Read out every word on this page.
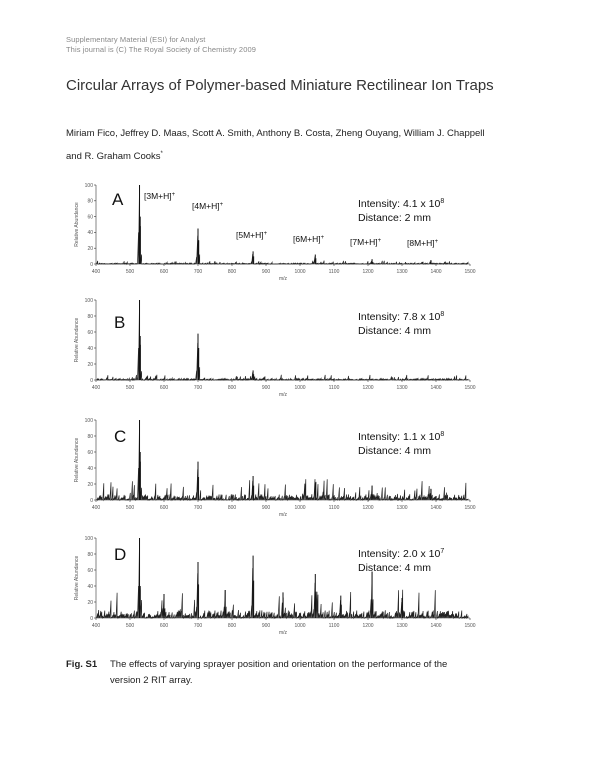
Supplementary Material (ESI) for Analyst
This journal is (C) The Royal Society of Chemistry 2009
Circular Arrays of Polymer-based Miniature Rectilinear Ion Traps
Miriam Fico, Jeffrey D. Maas, Scott A. Smith, Anthony B. Costa, Zheng Ouyang, William J. Chappell
and R. Graham Cooks*
0
20
40
60
80
100
400	500	600	700	800	900	1000	1100	1200	1300	1400	1500
m/z
Relative Abundance
A	Intensity: 4.1 x $10^8$
Distance: 2 mm
[3M+H]+
[4M+H]+
[5M+H]+	[6M+H]+	[7M+H]+	[8M+H]+
0
20
40
60
80
100
400	500	600	700	800	900	1000	1100	1200	1300	1400	1500
m/z
Relative Abundance B	Intensity: 7.8 x $10^8$
Distance: 4 mm
0
20
40
60
80
100
400	500	600	700	800	900	1000	1100	1200	1300	1400	1500
m/z
Relative Abundance
C	Intensity: 1.1 x $10^8$
Distance: 4 mm
0
20
40
60
80
100
400	500	600	700	800	900	1000	1100	1200	1300	1400	1500
m/z
Relative Abundance
D	Intensity: 2.0 x $10^7$
Distance: 4 mm
Fig. S1 The effects of varying sprayer position and orientation on the performance of the
version 2 RIT array.
